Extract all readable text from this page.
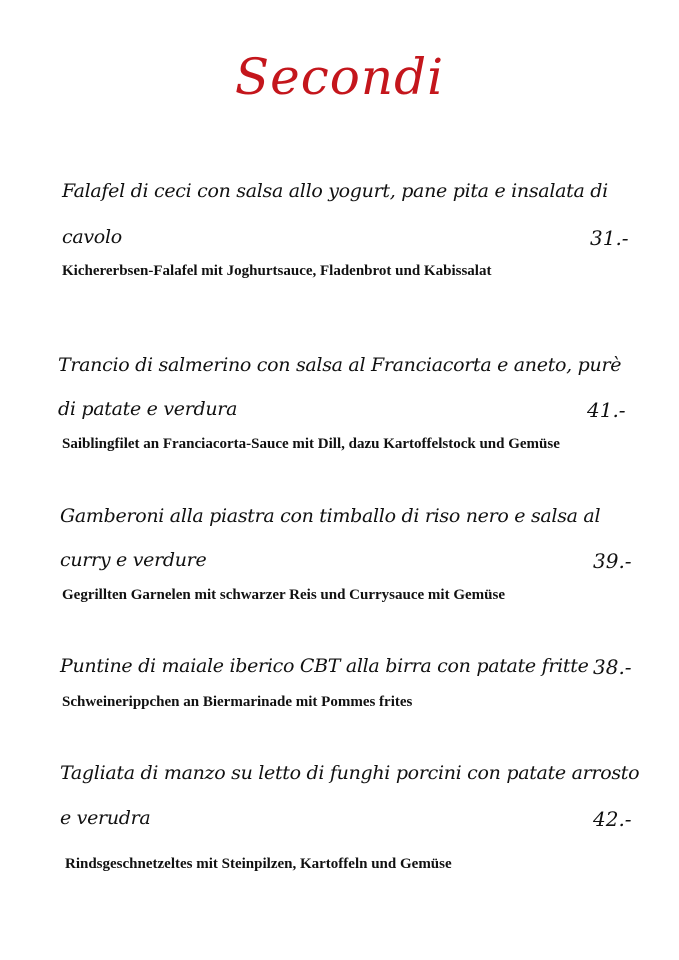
Secondi
Falafel di ceci con salsa allo yogurt, pane pita e insalata di
cavolo	31.-
Kichererbsen-Falafel mit Joghurtsauce, Fladenbrot und Kabissalat
Trancio di salmerino con salsa al Franciacorta e aneto, purè
di patate e verdura	41.-
Saiblingfilet an Franciacorta-Sauce mit Dill, dazu Kartoffelstock und Gemüse
Gamberoni alla piastra con timballo di riso nero e salsa al
curry e verdure	39.-
Gegrillten Garnelen mit schwarzer Reis und Currysauce mit Gemüse
Puntine di maiale iberico CBT alla birra con patate fritte 38.-
Schweinerippchen an Biermarinade mit Pommes frites
Tagliata di manzo su letto di funghi porcini con patate arrosto
e verudra	42.-
Rindsgeschnetzeltes mit Steinpilzen, Kartoffeln und Gemüse
